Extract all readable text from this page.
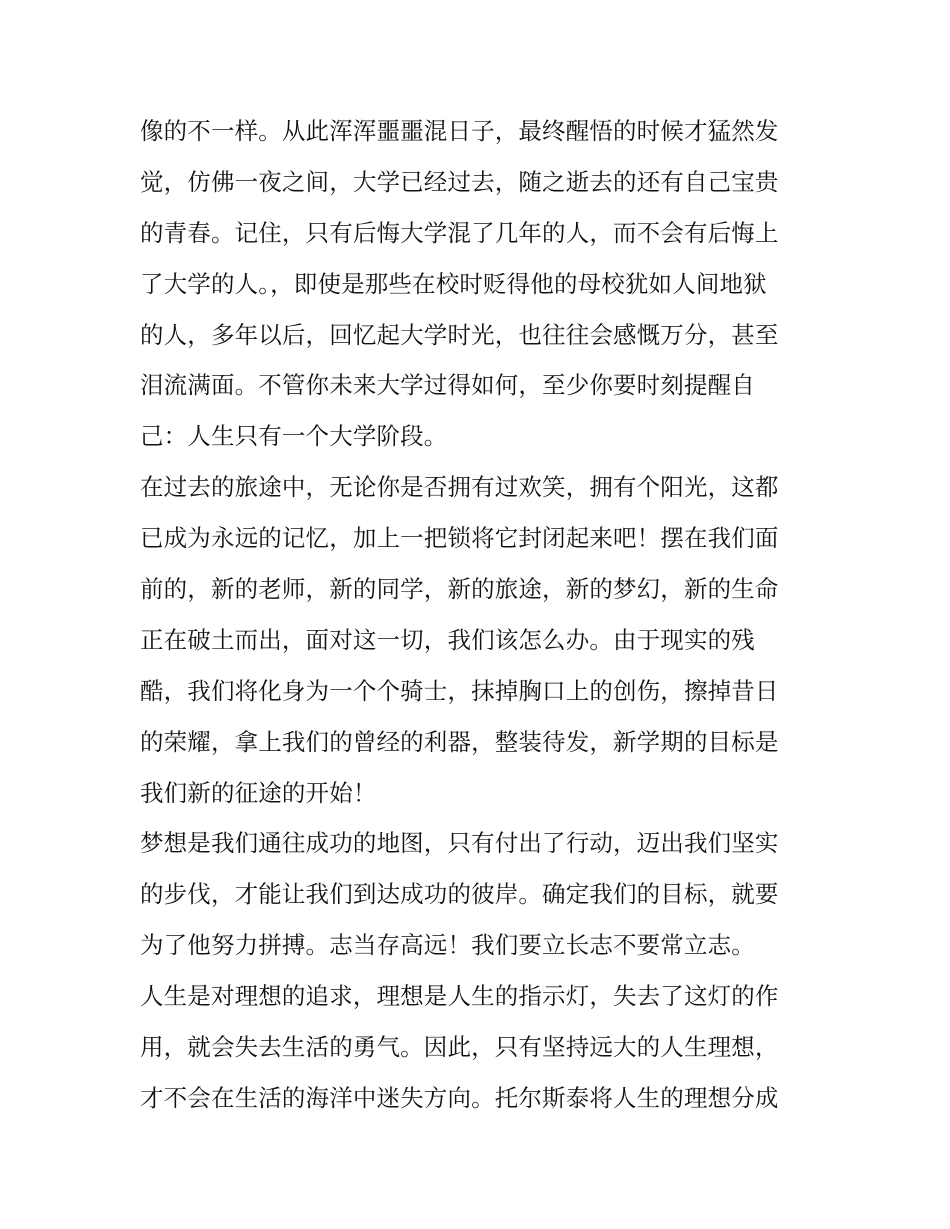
像的不一样。从此浑浑噩噩混日子，最终醒悟的时候才猛然发
觉，仿佛一夜之间，大学已经过去，随之逝去的还有自己宝贵
的青春。记住，只有后悔大学混了几年的人，而不会有后悔上
了大学的人。，即使是那些在校时贬得他的母校犹如人间地狱
的人，多年以后，回忆起大学时光，也往往会感慨万分，甚至
泪流满面。不管你未来大学过得如何，至少你要时刻提醒自
己：人生只有一个大学阶段。
在过去的旅途中，无论你是否拥有过欢笑，拥有个阳光，这都
已成为永远的记忆，加上一把锁将它封闭起来吧！摆在我们面
前的，新的老师，新的同学，新的旅途，新的梦幻，新的生命
正在破土而出，面对这一切，我们该怎么办。由于现实的残
酷，我们将化身为一个个骑士，抹掉胸口上的创伤，擦掉昔日
的荣耀，拿上我们的曾经的利器，整装待发，新学期的目标是
我们新的征途的开始！
梦想是我们通往成功的地图，只有付出了行动，迈出我们坚实
的步伐，才能让我们到达成功的彼岸。确定我们的目标，就要
为了他努力拼搏。志当存高远！我们要立长志不要常立志。
人生是对理想的追求，理想是人生的指示灯，失去了这灯的作
用，就会失去生活的勇气。因此，只有坚持远大的人生理想，
才不会在生活的海洋中迷失方向。托尔斯泰将人生的理想分成
